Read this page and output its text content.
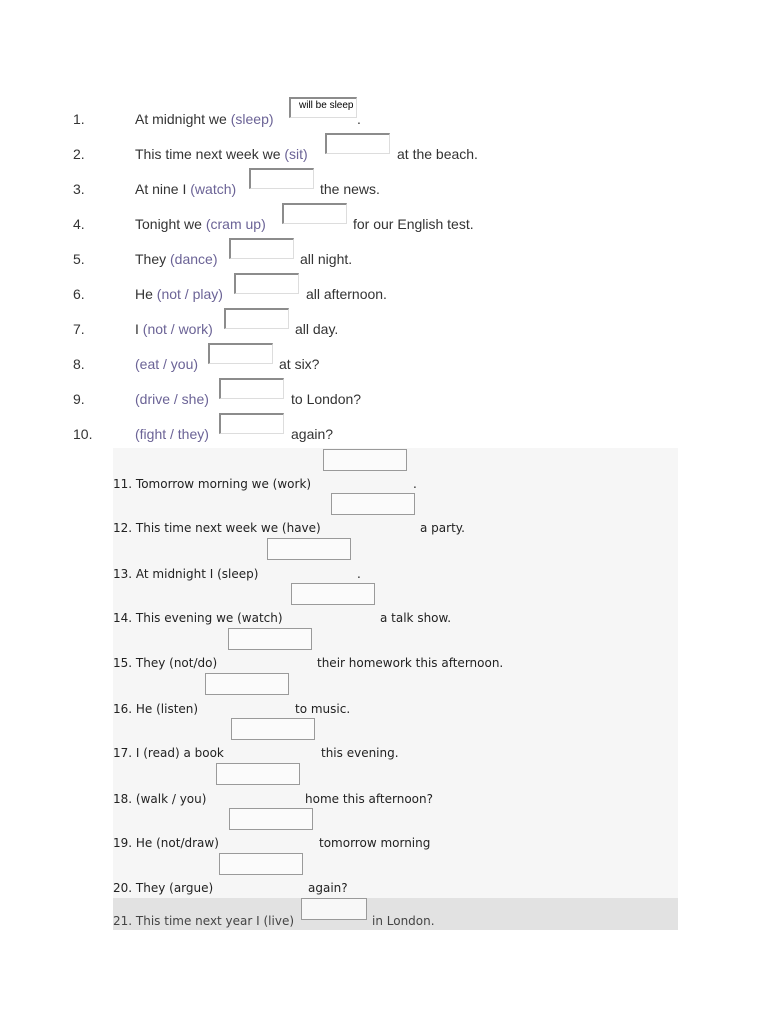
1.	At midnight we (sleep)
will be sleep
.
2.	This time next week we (sit)	at the beach.
3.	At nine I (watch)	the news.
4.	Tonight we (cram up)	for our English test.
5.	They (dance)	all night.
6.	He (not / play)	all afternoon.
7.	I (not / work)	all day.
8.	(eat / you)	at six?
9.	(drive / she)	to London?
10.	(fight / they)	again?
11. Tomorrow morning we (work)	.
12. This time next week we (have)	a party.
13. At midnight I (sleep)	.
14. This evening we (watch)	a talk show.
15. They (not/do)	their homework this afternoon.
16. He (listen)	to music.
17. I (read) a book	this evening.
18. (walk / you)	home this afternoon?
19. He (not/draw)	tomorrow morning
20. They (argue)	again?
21. This time next year I (live)	in London.
